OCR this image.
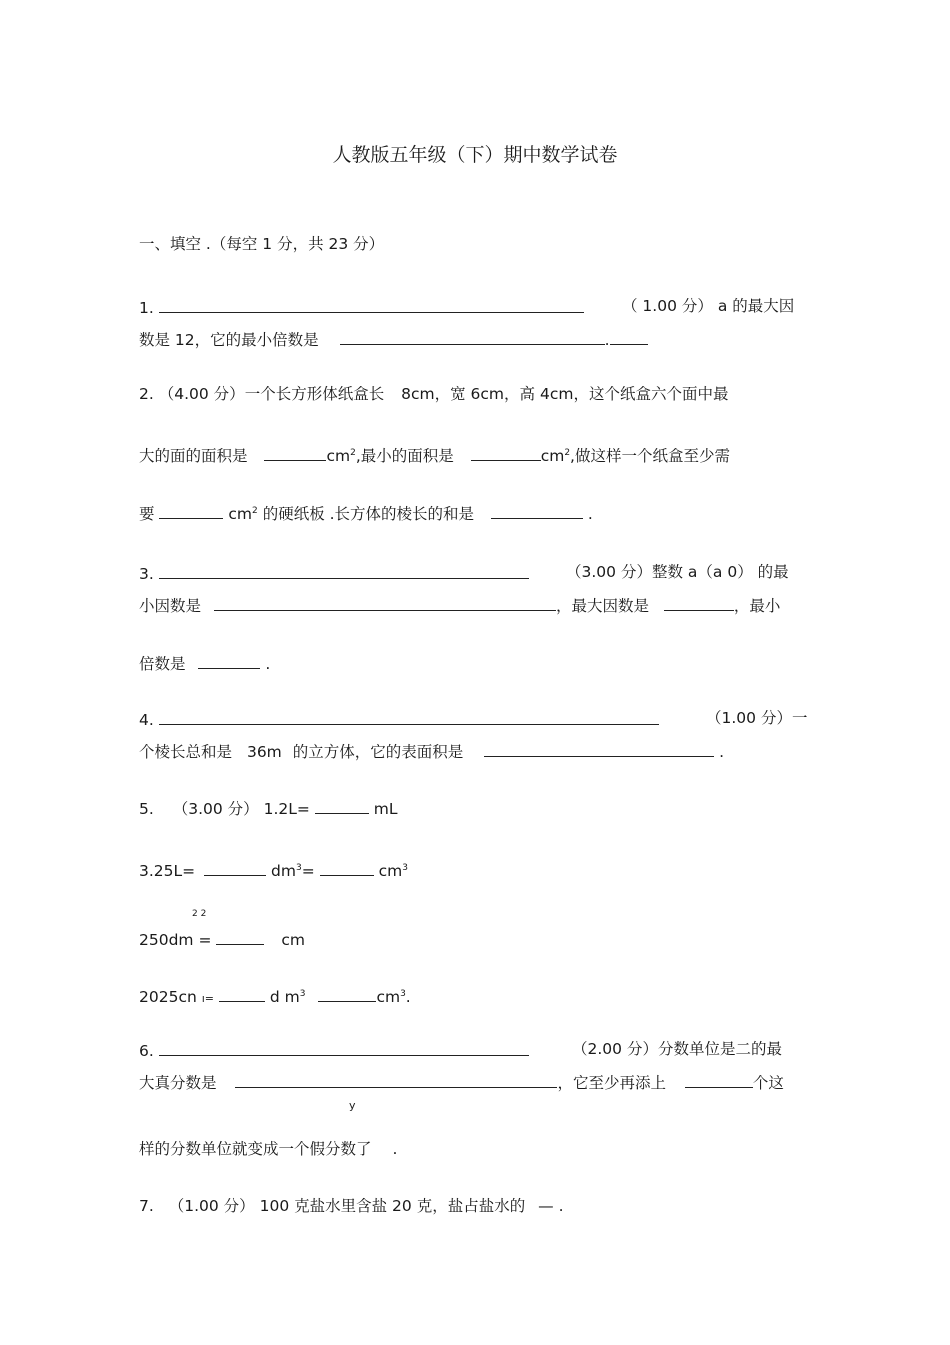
人教版五年级（下）期中数学试卷
一、填空 .（每空 1 分，共 23 分）
1.	（ 1.00 分） a 的最大因
数是 12，它的最小倍数是	.
2. （4.00 分）一个长方形体纸盒长 8cm，宽 6cm，高 4cm，这个纸盒六个面中最
大的面的面积是	$cm^2$,最小的面积是	$cm^2$,做这样一个纸盒至少需
要	$cm^2$ 的硬纸板 .长方体的棱长的和是	.
3.	（3.00 分）整数 a（a 0） 的最
小因数是	，最大因数是	，最小
倍数是	.
4.	（1.00 分）一
个棱长总和是 36m 的立方体，它的表面积是	.
5. （3.00 分） 1.2L=	mL
3.25L=	$dm^3=$	$cm^3$
2 2
250dm =	cm
2025cn ı=	d $m^3$	$cm^3$.
6.	（2.00 分）分数单位是二的最
大真分数是	，它至少再添上	个这
y
样的分数单位就变成一个假分数了 .
7. （1.00 分） 100 克盐水里含盐 20 克，盐占盐水的 — .
